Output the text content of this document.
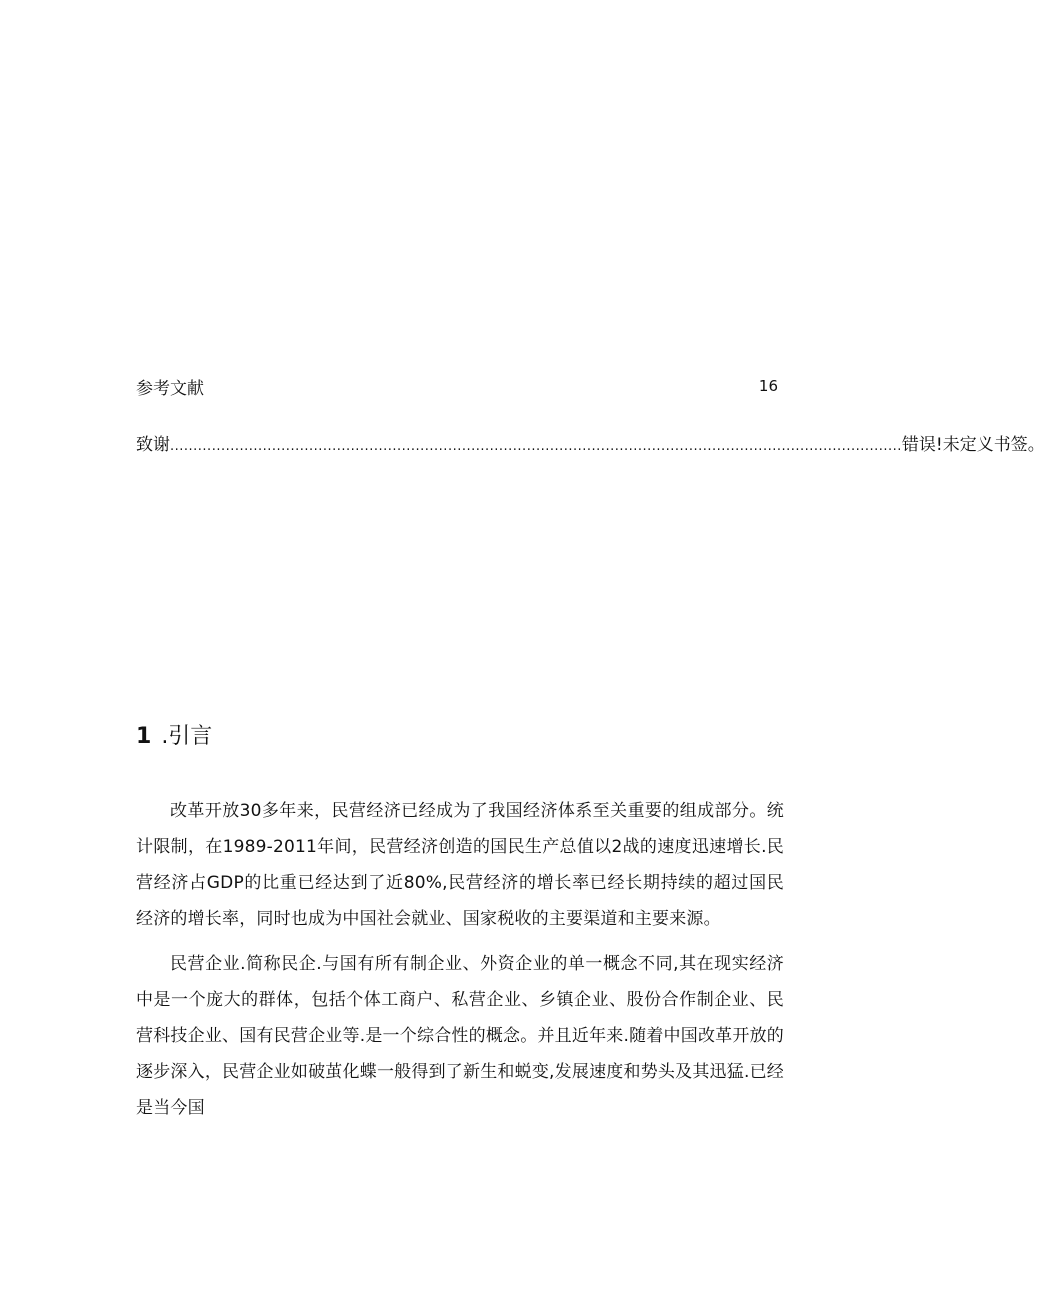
参考文献	16
致谢 .............................................................................................................................................................. 错误!未定义书签。
1 .引言

改革开放30多年来，民营经济已经成为了我国经济体系至关重要的组成部分。统计限制，在1989-2011年间，民营经济创造的国民生产总值以2战的速度迅速增长.民营经济占GDP的比重已经达到了近80%,民营经济的增长率已经长期持续的超过国民经济的增长率，同时也成为中国社会就业、国家税收的主要渠道和主要来源。

民营企业.简称民企.与国有所有制企业、外资企业的单一概念不同,其在现实经济中是一个庞大的群体，包括个体工商户、私营企业、乡镇企业、股份合作制企业、民营科技企业、国有民营企业等.是一个综合性的概念。并且近年来.随着中国改革开放的逐步深入，民营企业如破茧化蝶一般得到了新生和蜕变,发展速度和势头及其迅猛.已经是当今国
